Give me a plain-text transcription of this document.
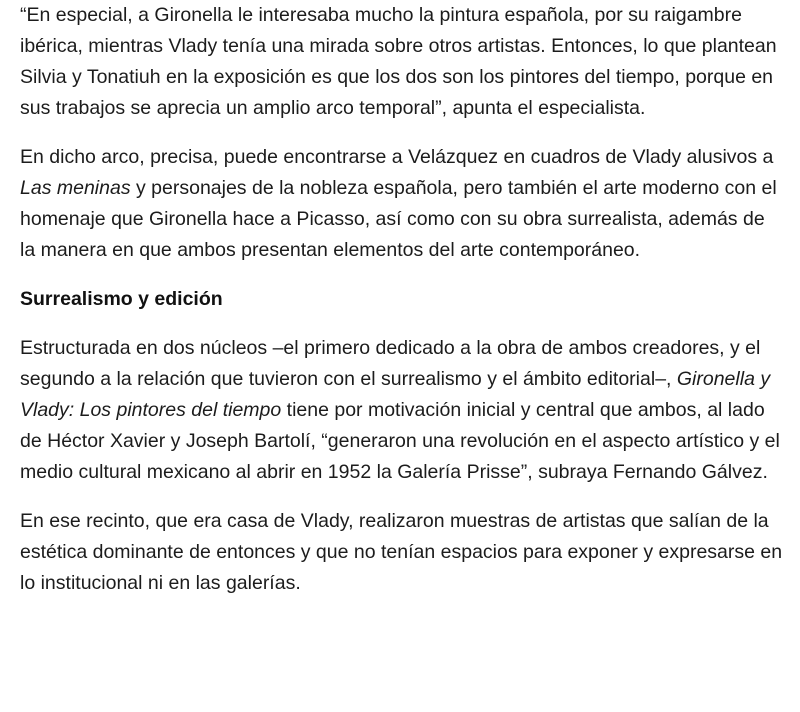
“En especial, a Gironella le interesaba mucho la pintura española, por su raigambre ibérica, mientras Vlady tenía una mirada sobre otros artistas. Entonces, lo que plantean Silvia y Tonatiuh en la exposición es que los dos son los pintores del tiempo, porque en sus trabajos se aprecia un amplio arco temporal”, apunta el especialista.

En dicho arco, precisa, puede encontrarse a Velázquez en cuadros de Vlady alusivos a Las meninas y personajes de la nobleza española, pero también el arte moderno con el homenaje que Gironella hace a Picasso, así como con su obra surrealista, además de la manera en que ambos presentan elementos del arte contemporáneo.

Surrealismo y edición

Estructurada en dos núcleos –el primero dedicado a la obra de ambos creadores, y el segundo a la relación que tuvieron con el surrealismo y el ámbito editorial–, Gironella y Vlady: Los pintores del tiempo tiene por motivación inicial y central que ambos, al lado de Héctor Xavier y Joseph Bartolí, “generaron una revolución en el aspecto artístico y el medio cultural mexicano al abrir en 1952 la Galería Prisse”, subraya Fernando Gálvez.

En ese recinto, que era casa de Vlady, realizaron muestras de artistas que salían de la estética dominante de entonces y que no tenían espacios para exponer y expresarse en lo institucional ni en las galerías.
